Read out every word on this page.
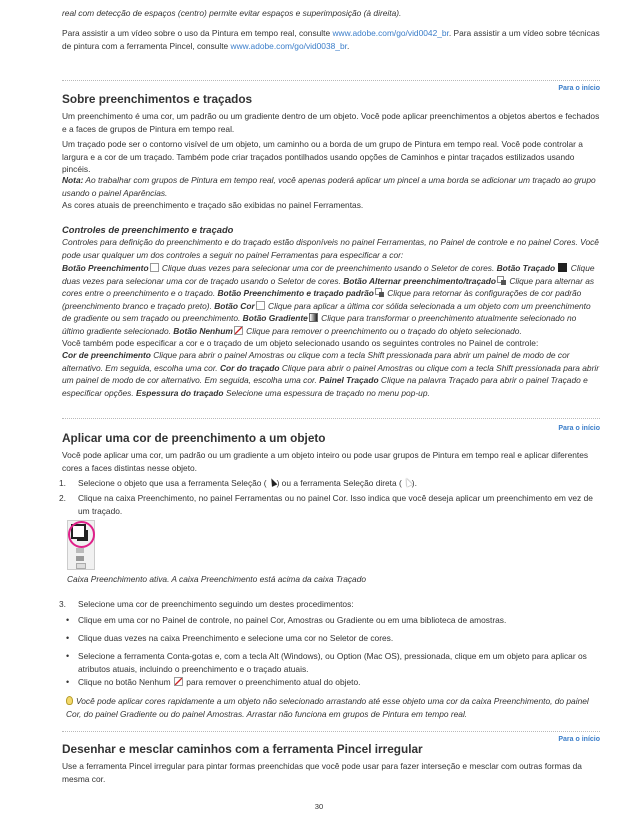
real com detecção de espaços (centro) permite evitar espaços e superimposição (à direita).

Para assistir a um vídeo sobre o uso da Pintura em tempo real, consulte www.adobe.com/go/vid0042_br. Para assistir a um vídeo sobre técnicas de pintura com a ferramenta Pincel, consulte www.adobe.com/go/vid0038_br.

Para o início
Sobre preenchimentos e traçados

Um preenchimento é uma cor, um padrão ou um gradiente dentro de um objeto. Você pode aplicar preenchimentos a objetos abertos e fechados e a faces de grupos de Pintura em tempo real.

Um traçado pode ser o contorno visível de um objeto, um caminho ou a borda de um grupo de Pintura em tempo real. Você pode controlar a largura e a cor de um traçado. Também pode criar traçados pontilhados usando opções de Caminhos e pintar traçados estilizados usando pincéis.

Nota: Ao trabalhar com grupos de Pintura em tempo real, você apenas poderá aplicar um pincel a uma borda se adicionar um traçado ao grupo usando o painel Aparências.

As cores atuais de preenchimento e traçado são exibidas no painel Ferramentas.

Controles de preenchimento e traçado

Controles para definição do preenchimento e do traçado estão disponíveis no painel Ferramentas, no Painel de controle e no painel Cores. Você pode usar qualquer um dos controles a seguir no painel Ferramentas para especificar a cor:

Botão Preenchimento Clique duas vezes para selecionar uma cor de preenchimento usando o Seletor de cores. Botão Traçado  Clique duas vezes para selecionar uma cor de traçado usando o Seletor de cores. Botão Alternar preenchimento/traçado Clique para alternar as cores entre o preenchimento e o traçado. Botão Preenchimento e traçado padrão Clique para retornar às configurações de cor padrão (preenchimento branco e traçado preto). Botão Cor Clique para aplicar a última cor sólida selecionada a um objeto com um preenchimento de gradiente ou sem traçado ou preenchimento. Botão Gradiente Clique para transformar o preenchimento atualmente selecionado no último gradiente selecionado. Botão Nenhum Clique para remover o preenchimento ou o traçado do objeto selecionado.

Você também pode especificar a cor e o traçado de um objeto selecionado usando os seguintes controles no Painel de controle:

Cor de preenchimento Clique para abrir o painel Amostras ou clique com a tecla Shift pressionada para abrir um painel de modo de cor alternativo. Em seguida, escolha uma cor. Cor do traçado Clique para abrir o painel Amostras ou clique com a tecla Shift pressionada para abrir um painel de modo de cor alternativo. Em seguida, escolha uma cor. Painel Traçado Clique na palavra Traçado para abrir o painel Traçado e especificar opções. Espessura do traçado Selecione uma espessura de traçado no menu pop-up.

Para o início
Aplicar uma cor de preenchimento a um objeto

Você pode aplicar uma cor, um padrão ou um gradiente a um objeto inteiro ou pode usar grupos de Pintura em tempo real e aplicar diferentes cores a faces distintas nesse objeto.

1. Selecione o objeto que usa a ferramenta Seleção ( ) ou a ferramenta Seleção direta ( ).

2. Clique na caixa Preenchimento, no painel Ferramentas ou no painel Cor. Isso indica que você deseja aplicar um preenchimento em vez de um traçado.

Caixa Preenchimento ativa. A caixa Preenchimento está acima da caixa Traçado

3. Selecione uma cor de preenchimento seguindo um destes procedimentos:

• Clique em uma cor no Painel de controle, no painel Cor, Amostras ou Gradiente ou em uma biblioteca de amostras.

• Clique duas vezes na caixa Preenchimento e selecione uma cor no Seletor de cores.

• Selecione a ferramenta Conta-gotas e, com a tecla Alt (Windows), ou Option (Mac OS), pressionada, clique em um objeto para aplicar os atributos atuais, incluindo o preenchimento e o traçado atuais.

• Clique no botão Nenhum  para remover o preenchimento atual do objeto.

Você pode aplicar cores rapidamente a um objeto não selecionado arrastando até esse objeto uma cor da caixa Preenchimento, do painel Cor, do painel Gradiente ou do painel Amostras. Arrastar não funciona em grupos de Pintura em tempo real.

Para o início
Desenhar e mesclar caminhos com a ferramenta Pincel irregular

Use a ferramenta Pincel irregular para pintar formas preenchidas que você pode usar para fazer interseção e mesclar com outras formas da mesma cor.

30
